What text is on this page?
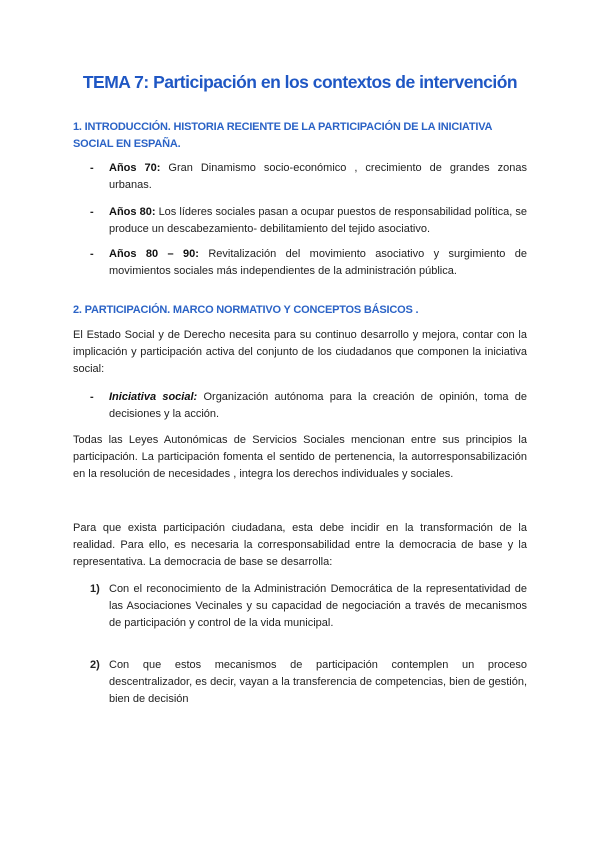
TEMA 7: Participación en los contextos de intervención
1. INTRODUCCIÓN. HISTORIA RECIENTE DE LA PARTICIPACIÓN DE LA INICIATIVA SOCIAL EN ESPAÑA.
- Años 70: Gran Dinamismo socio-económico , crecimiento de grandes zonas urbanas.
- Años 80: Los líderes sociales pasan a ocupar puestos de responsabilidad política, se produce un descabezamiento- debilitamiento del tejido asociativo.
- Años 80 – 90: Revitalización del movimiento asociativo y surgimiento de movimientos sociales más independientes de la administración pública.
2. PARTICIPACIÓN. MARCO NORMATIVO Y CONCEPTOS BÁSICOS .

El Estado Social y de Derecho necesita para su continuo desarrollo y mejora, contar con la implicación y participación activa del conjunto de los ciudadanos que componen la iniciativa social:

- Iniciativa social: Organización autónoma para la creación de opinión, toma de decisiones y la acción.

Todas las Leyes Autonómicas de Servicios Sociales mencionan entre sus principios la participación. La participación fomenta el sentido de pertenencia, la autorresponsabilización en la resolución de necesidades , integra los derechos individuales y sociales.

Para que exista participación ciudadana, esta debe incidir en la transformación de la realidad. Para ello, es necesaria la corresponsabilidad entre la democracia de base y la representativa. La democracia de base se desarrolla:

1) Con el reconocimiento de la Administración Democrática de la representatividad de las Asociaciones Vecinales y su capacidad de negociación a través de mecanismos de participación y control de la vida municipal.
2) Con que estos mecanismos de participación contemplen un proceso descentralizador, es decir, vayan a la transferencia de competencias, bien de gestión, bien de decisión
